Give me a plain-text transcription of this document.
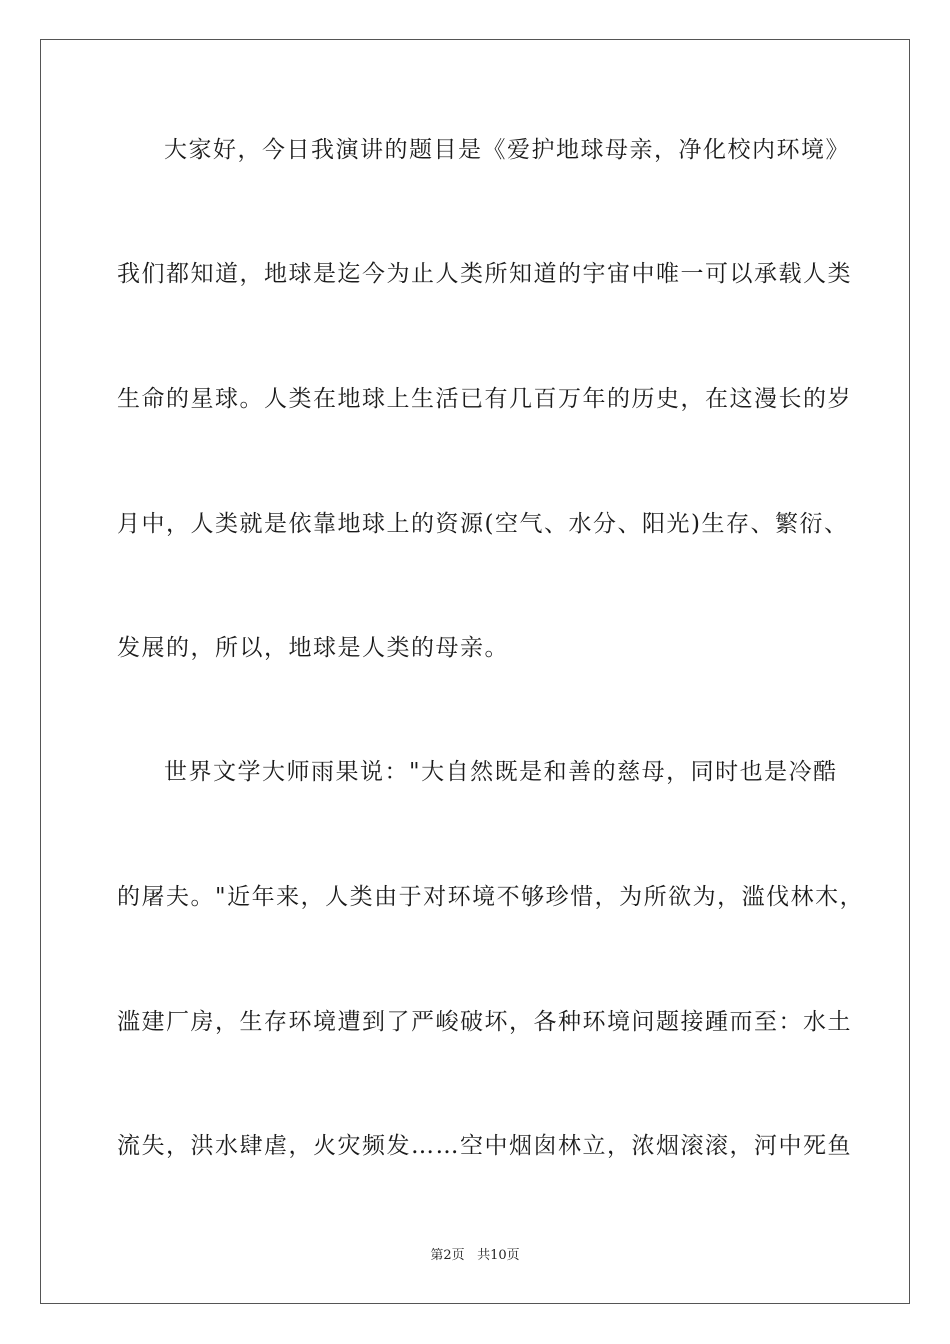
大家好，今日我演讲的题目是《爱护地球母亲，净化校内环境》
我们都知道，地球是迄今为止人类所知道的宇宙中唯一可以承载人类
生命的星球。人类在地球上生活已有几百万年的历史，在这漫长的岁
月中，人类就是依靠地球上的资源(空气、水分、阳光)生存、繁衍、
发展的，所以，地球是人类的母亲。
世界文学大师雨果说："大自然既是和善的慈母，同时也是冷酷
的屠夫。"近年来，人类由于对环境不够珍惜，为所欲为，滥伐林木，
滥建厂房，生存环境遭到了严峻破坏，各种环境问题接踵而至：水土
流失，洪水肆虐，火灾频发……空中烟囱林立，浓烟滚滚，河中死鱼
第2页 共10页
